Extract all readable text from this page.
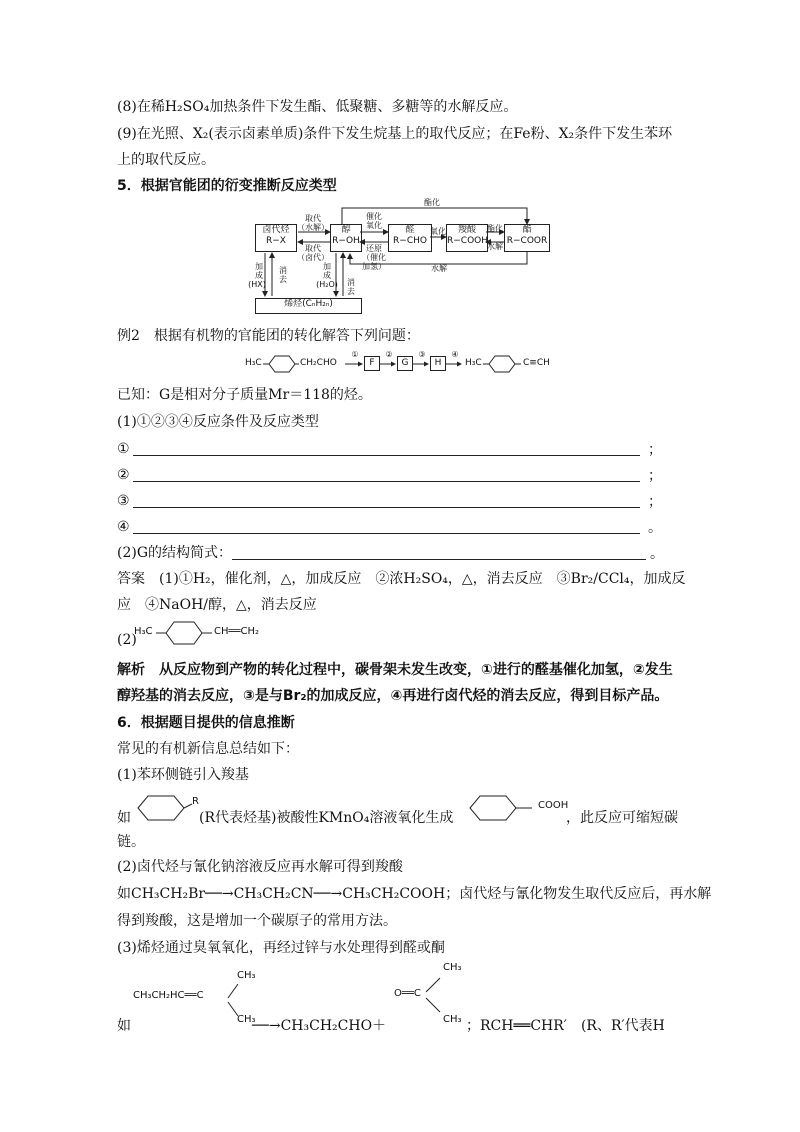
(8)在稀H₂SO₄加热条件下发生酯、低聚糖、多糖等的水解反应。
(9)在光照、X₂(表示卤素单质)条件下发生烷基上的取代反应；在Fe粉、X₂条件下发生苯环
上的取代反应。
5．根据官能团的衍变推断反应类型
酯化
卤代烃
R−X
醇
R−OH
醛
R−CHO
羧酸
R−COOH
酯
R−COOR
烯烃(CₙH₂ₙ)
取代
（水解）
取代
（卤代）
催化
氧化
还原
（催化
加氢）
氧化	酯化
水解
水解
加
成
(HX)
消
去
加
成
(H₂O) 消
去
例2　根据有机物的官能团的转化解答下列问题：
H₃C	CH₂CHO
①
F
②
G
③
H
④
H₃C	C≡CH
已知：G是相对分子质量Mr＝118的烃。
(1)①②③④反应条件及反应类型
①	；
②	；
③	；
④	。
(2)G的结构简式：	。
答案　(1)①H₂，催化剂，△，加成反应　②浓H₂SO₄，△，消去反应　③Br₂/CCl₄，加成反
应　④NaOH/醇，△，消去反应
(2)
H₃C	CH══CH₂
解析　从反应物到产物的转化过程中，碳骨架未发生改变，①进行的醛基催化加氢，②发生
醇羟基的消去反应，③是与Br₂的加成反应，④再进行卤代烃的消去反应，得到目标产品。
6．根据题目提供的信息推断
常见的有机新信息总结如下：
(1)苯环侧链引入羧基
如
R
(R代表烃基)被酸性KMnO₄溶液氧化生成
COOH
，此反应可缩短碳
链。
(2)卤代烃与氰化钠溶液反应再水解可得到羧酸
如CH₃CH₂Br──→CH₃CH₂CN──→CH₃CH₂COOH；卤代烃与氰化物发生取代反应后，再水解
得到羧酸，这是增加一个碳原子的常用方法。
(3)烯烃通过臭氧氧化，再经过锌与水处理得到醛或酮
CH₃
CH₃CH₂HC══C
CH₃
如	──→CH₃CH₂CHO＋
CH₃
O══C
CH₃ ；RCH══CHR′　(R、R′代表H
